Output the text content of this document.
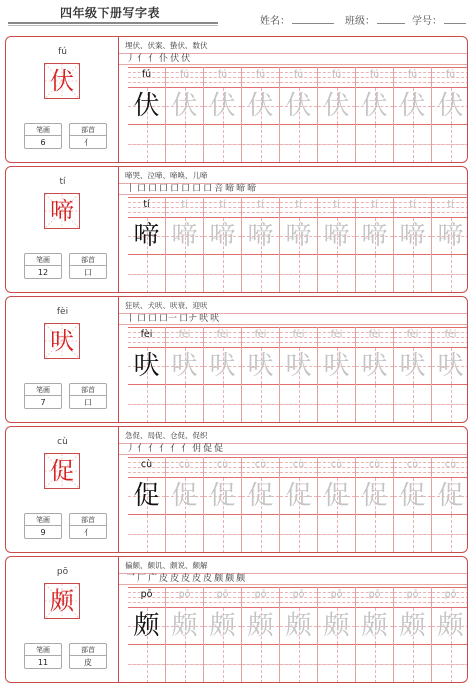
四年级下册写字表
姓名：	班级：	学号：
fú
伏
笔画
6
部首
亻
埋伏、伏案、蛰伏、数伏
丿 亻 亻 仆 伏 伏
fú
伏
fú
伏
fú
伏
fú
伏
fú
伏
fú
伏
fú
伏
fú
伏
fú
伏
tí
啼
笔画
12
部首
口
啼哭、泣啼、啼唤、儿啼
丨 口 口 口 口 口 口 口 咅 啼 啼 啼
tí
啼
tí
啼
tí
啼
tí
啼
tí
啼
tí
啼
tí
啼
tí
啼
tí
啼
fèi
吠
笔画
7
部首
口
狂吠、犬吠、吠衰、迎吠
丨 口 口 口一 口ナ 吠 吠
fèi
吠
fèi
吠
fèi
吠
fèi
吠
fèi
吠
fèi
吠
fèi
吠
fèi
吠
fèi
吠
cù
促
笔画
9
部首
亻
急促、局促、仓促、促织
丿 亻 亻 亻 亻 亻 仴 促 促
cù
促
cù
促
cù
促
cù
促
cù
促
cù
促
cù
促
cù
促
cù
促
pō
颇
笔画
11
部首
皮
偏颇、颇讥、颇说、颇解
乛 厂 广 皮 皮 皮 皮 皮 颇 颇 颇
pō
颇
pō
颇
pō
颇
pō
颇
pō
颇
pō
颇
pō
颇
pō
颇
pō
颇
